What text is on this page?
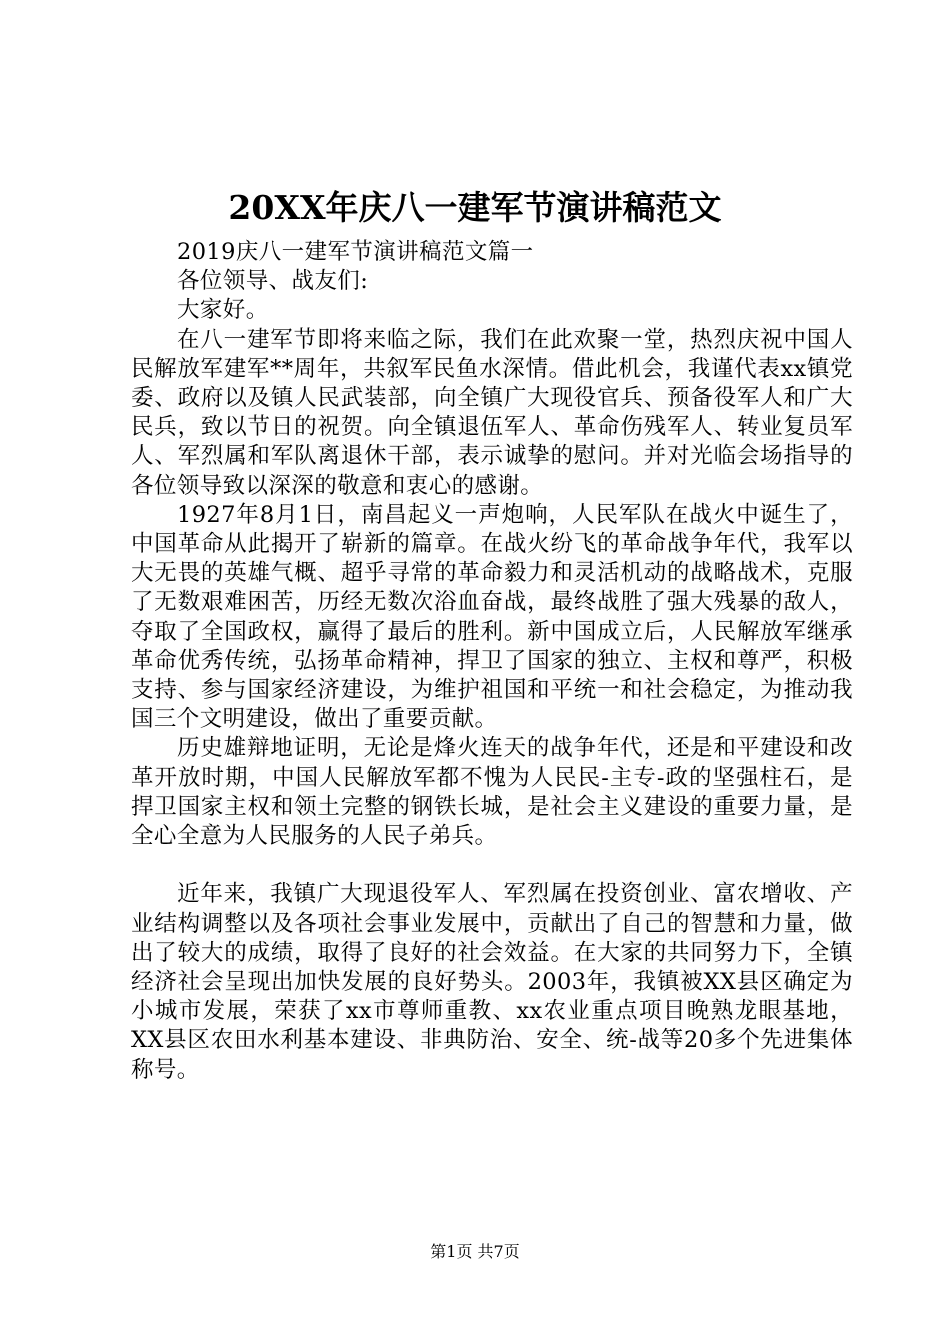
20XX年庆八一建军节演讲稿范文

2019庆八一建军节演讲稿范文篇一

各位领导、战友们:

大家好。

在八一建军节即将来临之际，我们在此欢聚一堂，热烈庆祝中国人民解放军建军**周年，共叙军民鱼水深情。借此机会，我谨代表xx镇党委、政府以及镇人民武装部，向全镇广大现役官兵、预备役军人和广大民兵，致以节日的祝贺。向全镇退伍军人、革命伤残军人、转业复员军人、军烈属和军队离退休干部，表示诚挚的慰问。并对光临会场指导的各位领导致以深深的敬意和衷心的感谢。

1927年8月1日，南昌起义一声炮响，人民军队在战火中诞生了，中国革命从此揭开了崭新的篇章。在战火纷飞的革命战争年代，我军以大无畏的英雄气概、超乎寻常的革命毅力和灵活机动的战略战术，克服了无数艰难困苦，历经无数次浴血奋战，最终战胜了强大残暴的敌人，夺取了全国政权，赢得了最后的胜利。新中国成立后，人民解放军继承革命优秀传统，弘扬革命精神，捍卫了国家的独立、主权和尊严，积极支持、参与国家经济建设，为维护祖国和平统一和社会稳定，为推动我国三个文明建设，做出了重要贡献。

历史雄辩地证明，无论是烽火连天的战争年代，还是和平建设和改革开放时期，中国人民解放军都不愧为人民民-主专-政的坚强柱石，是捍卫国家主权和领土完整的钢铁长城，是社会主义建设的重要力量，是全心全意为人民服务的人民子弟兵。

近年来，我镇广大现退役军人、军烈属在投资创业、富农增收、产业结构调整以及各项社会事业发展中，贡献出了自己的智慧和力量，做出了较大的成绩，取得了良好的社会效益。在大家的共同努力下，全镇经济社会呈现出加快发展的良好势头。2003年，我镇被XX县区确定为小城市发展，荣获了xx市尊师重教、xx农业重点项目晚熟龙眼基地，XX县区农田水利基本建设、非典防治、安全、统-战等20多个先进集体称号。

第1页 共7页
